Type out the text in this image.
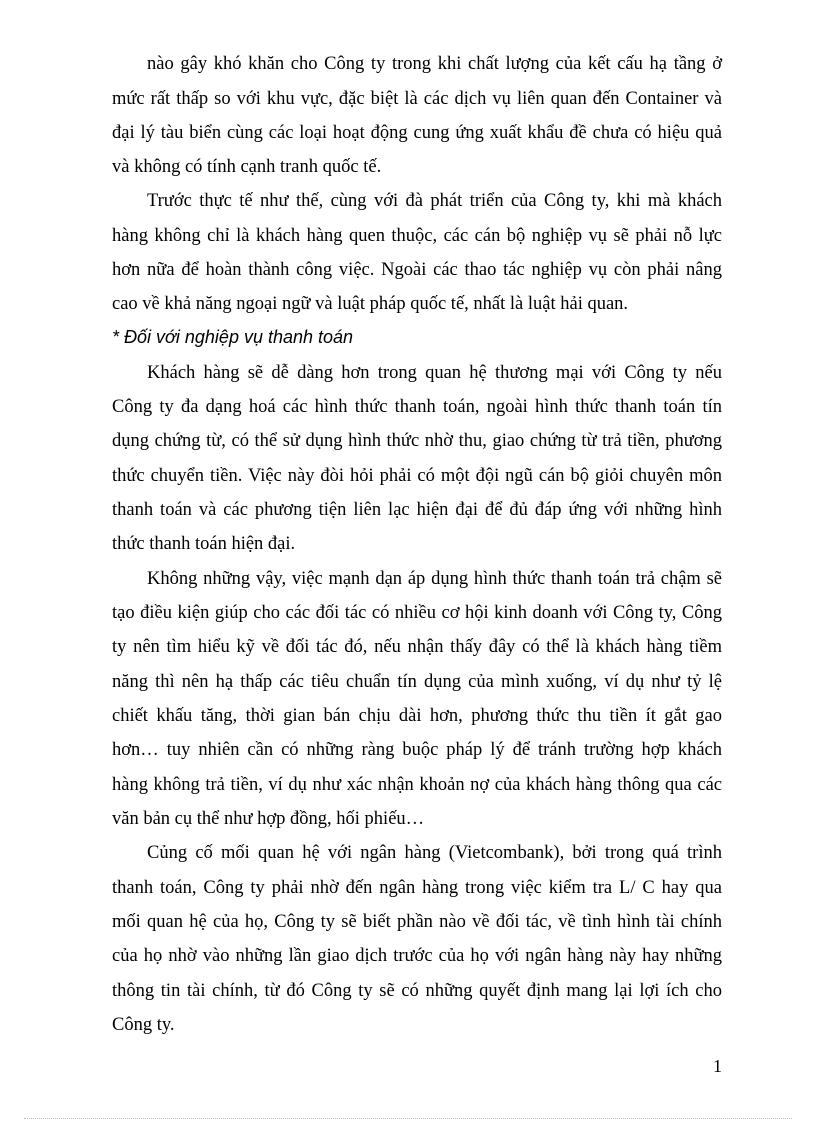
nào gây khó khăn cho Công ty trong khi chất lượng của kết cấu hạ tầng ở
mức rất thấp so với khu vực, đặc biệt là các dịch vụ liên quan đến Container và
đại lý tàu biển cùng các loại hoạt động cung ứng xuất khẩu đề chưa có hiệu quả
và không có tính cạnh tranh quốc tế.
Trước thực tế như thế, cùng với đà phát triển của Công ty, khi mà khách
hàng không chỉ là khách hàng quen thuộc, các cán bộ nghiệp vụ sẽ phải nỗ lực
hơn nữa để hoàn thành công việc. Ngoài các thao tác nghiệp vụ còn phải nâng
cao về khả năng ngoại ngữ và luật pháp quốc tế, nhất là luật hải quan.
* Đối với nghiệp vụ thanh toán
Khách hàng sẽ dễ dàng hơn trong quan hệ thương mại với Công ty nếu
Công ty đa dạng hoá các hình thức thanh toán, ngoài hình thức thanh toán tín
dụng chứng từ, có thể sử dụng hình thức nhờ thu, giao chứng từ trả tiền, phương
thức chuyển tiền. Việc này đòi hỏi phải có một đội ngũ cán bộ giỏi chuyên môn
thanh toán và các phương tiện liên lạc hiện đại để đủ đáp ứng với những hình
thức thanh toán hiện đại.
Không những vậy, việc mạnh dạn áp dụng hình thức thanh toán trả chậm sẽ
tạo điều kiện giúp cho các đối tác có nhiều cơ hội kinh doanh với Công ty, Công
ty nên tìm hiểu kỹ về đối tác đó, nếu nhận thấy đây có thể là khách hàng tiềm
năng thì nên hạ thấp các tiêu chuẩn tín dụng của mình xuống, ví dụ như tỷ lệ
chiết khấu tăng, thời gian bán chịu dài hơn, phương thức thu tiền ít gắt gao
hơn… tuy nhiên cần có những ràng buộc pháp lý để tránh trường hợp khách
hàng không trả tiền, ví dụ như xác nhận khoản nợ của khách hàng thông qua các
văn bản cụ thể như hợp đồng, hối phiếu…
Củng cố mối quan hệ với ngân hàng (Vietcombank), bởi trong quá trình
thanh toán, Công ty phải nhờ đến ngân hàng trong việc kiểm tra L/ C hay qua
mối quan hệ của họ, Công ty sẽ biết phần nào về đối tác, về tình hình tài chính
của họ nhờ vào những lần giao dịch trước của họ với ngân hàng này hay những
thông tin tài chính, từ đó Công ty sẽ có những quyết định mang lại lợi ích cho
Công ty.
1
